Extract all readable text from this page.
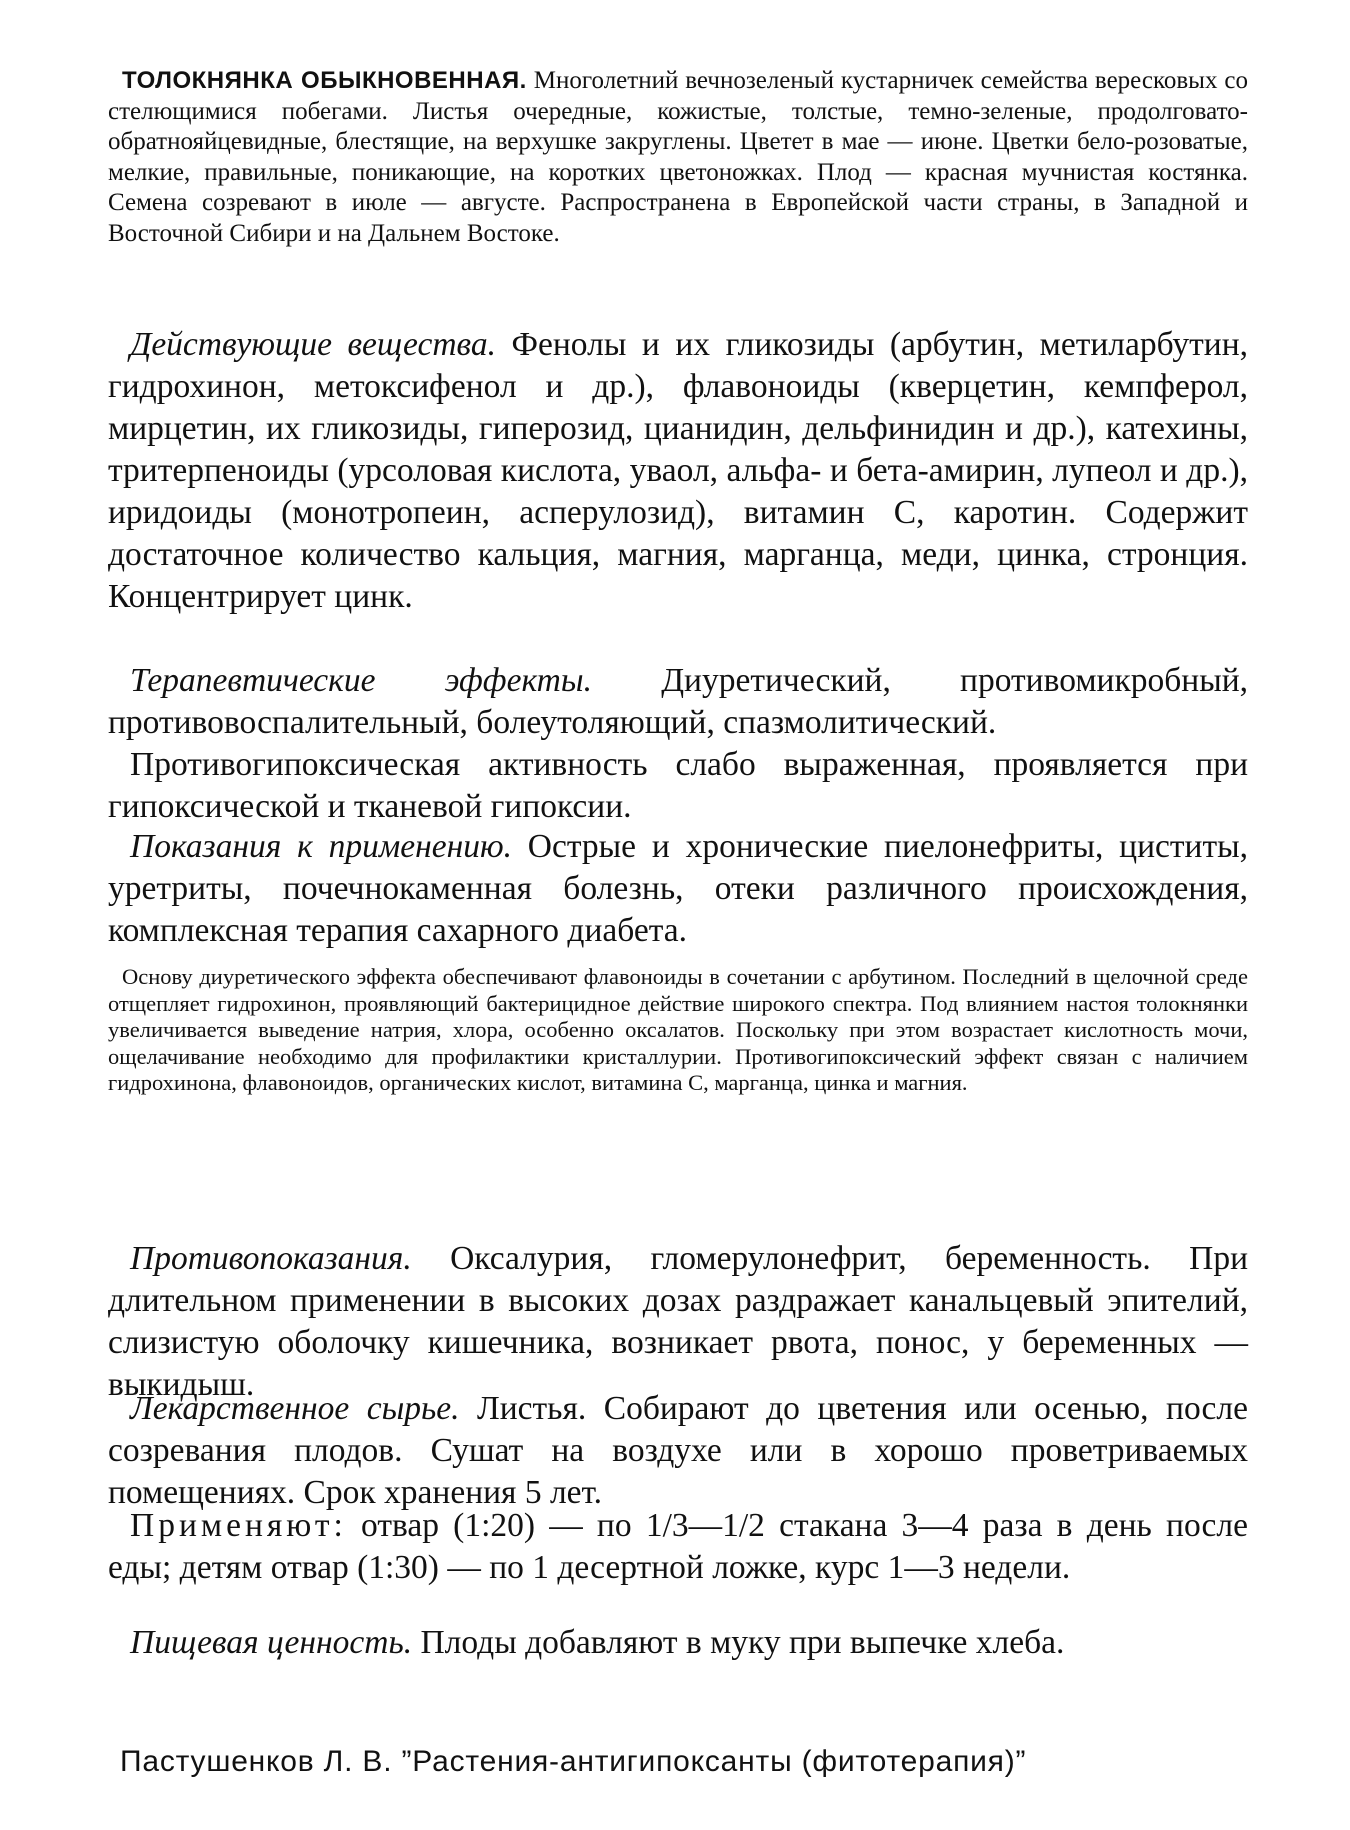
ТОЛОКНЯНКА ОБЫКНОВЕННАЯ. Многолетний вечнозеленый кустарничек семейства вересковых со стелющимися побегами. Листья очередные, кожистые, толстые, темно-зеленые, продолговато-обратнояйцевидные, блестящие, на верхушке закруглены. Цветет в мае — июне. Цветки бело-розоватые, мелкие, правильные, поникающие, на коротких цветоножках. Плод — красная мучнистая костянка. Семена созревают в июле — августе. Распространена в Европейской части страны, в Западной и Восточной Сибири и на Дальнем Востоке.

Действующие вещества. Фенолы и их гликозиды (арбутин, метиларбутин, гидрохинон, метоксифенол и др.), флавоноиды (кверцетин, кемпферол, мирцетин, их гликозиды, гиперозид, цианидин, дельфинидин и др.), катехины, тритерпеноиды (урсоловая кислота, уваол, альфа- и бета-амирин, лупеол и др.), иридоиды (монотропеин, асперулозид), витамин С, каротин. Содержит достаточное количество кальция, магния, марганца, меди, цинка, стронция. Концентрирует цинк.

Терапевтические эффекты. Диуретический, противомикробный, противовоспалительный, болеутоляющий, спазмолитический.

Противогипоксическая активность слабо выраженная, проявляется при гипоксической и тканевой гипоксии.

Показания к применению. Острые и хронические пиелонефриты, циститы, уретриты, почечнокаменная болезнь, отеки различного происхождения, комплексная терапия сахарного диабета.

Основу диуретического эффекта обеспечивают флавоноиды в сочетании с арбутином. Последний в щелочной среде отщепляет гидрохинон, проявляющий бактерицидное действие широкого спектра. Под влиянием настоя толокнянки увеличивается выведение натрия, хлора, особенно оксалатов. Поскольку при этом возрастает кислотность мочи, ощелачивание необходимо для профилактики кристаллурии. Противогипоксический эффект связан с наличием гидрохинона, флавоноидов, органических кислот, витамина С, марганца, цинка и магния.

Противопоказания. Оксалурия, гломерулонефрит, беременность. При длительном применении в высоких дозах раздражает канальцевый эпителий, слизистую оболочку кишечника, возникает рвота, понос, у беременных — выкидыш.

Лекарственное сырье. Листья. Собирают до цветения или осенью, после созревания плодов. Сушат на воздухе или в хорошо проветриваемых помещениях. Срок хранения 5 лет.

Применяют: отвар (1:20) — по 1/3—1/2 стакана 3—4 раза в день после еды; детям отвар (1:30) — по 1 десертной ложке, курс 1—3 недели.

Пищевая ценность. Плоды добавляют в муку при выпечке хлеба.

Пастушенков Л. В. ”Растения-антигипоксанты (фитотерапия)”
